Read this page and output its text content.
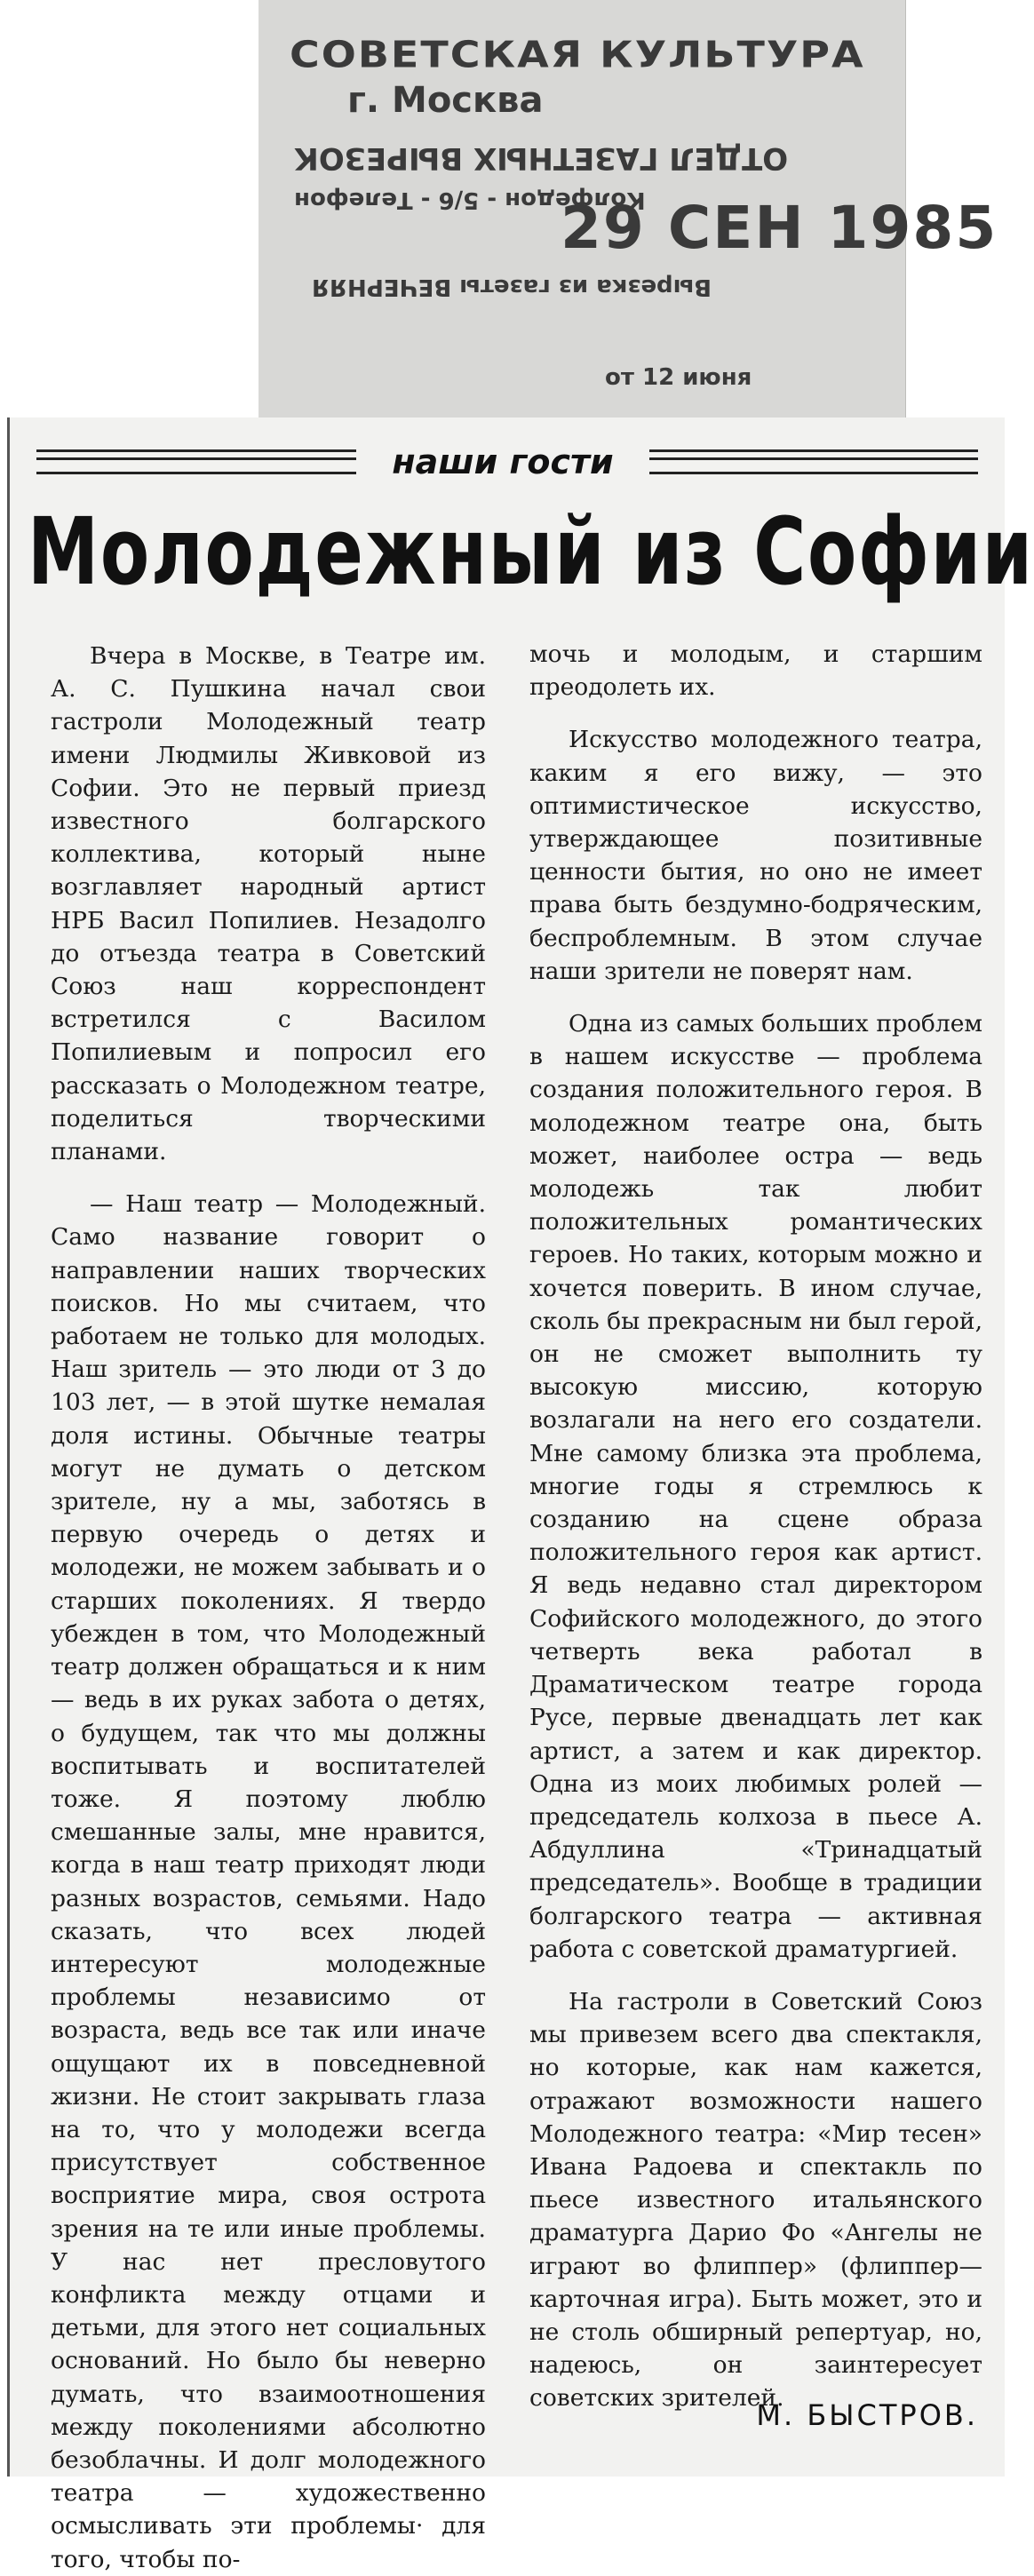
СОВЕТСКАЯ КУЛЬТУРА
г. Москва
ОТДЕЛ ГАЗЕТНЫХ ВЫРЕЗОК
Колфедон - 5/6 - Телефон
29 СЕН 1985
Вырезка из газеты ВЕЧЕРНЯЯ
от 12 июня
наши гости
Молодежный из Софии

Вчера в Москве, в Театре им. А. С. Пушкина начал свои гастроли Молодежный театр имени Людмилы Живковой из Софии. Это не первый приезд известного болгарского коллектива, который ныне возглавляет народный артист НРБ Васил Попилиев. Незадолго до отъезда театра в Советский Союз наш корреспондент встретился с Василом Попилиевым и попросил его рассказать о Молодежном театре, поделиться творческими планами.

— Наш театр — Молодежный. Само название говорит о направлении наших творческих поисков. Но мы считаем, что работаем не только для молодых. Наш зритель — это люди от 3 до 103 лет, — в этой шутке немалая доля истины. Обычные театры могут не думать о детском зрителе, ну а мы, заботясь в первую очередь о детях и молодежи, не можем забывать и о старших поколениях. Я твердо убежден в том, что Молодежный театр должен обращаться и к ним — ведь в их руках забота о детях, о будущем, так что мы должны воспитывать и воспитателей тоже. Я поэтому люблю смешанные залы, мне нравится, когда в наш театр приходят люди разных возрастов, семьями. Надо сказать, что всех людей интересуют молодежные проблемы независимо от возраста, ведь все так или иначе ощущают их в повседневной жизни. Не стоит закрывать глаза на то, что у молодежи всегда присутствует собственное восприятие мира, своя острота зрения на те или иные проблемы. У нас нет пресловутого конфликта между отцами и детьми, для этого нет социальных оснований. Но было бы неверно думать, что взаимоотношения между поколениями абсолютно безоблачны. И долг молодежного театра — художественно осмысливать эти проблемы· для того, чтобы по-

мочь и молодым, и старшим преодолеть их.

Искусство молодежного театра, каким я его вижу, — это оптимистическое искусство, утверждающее позитивные ценности бытия, но оно не имеет права быть бездумно-бодряческим, беспроблемным. В этом случае наши зрители не поверят нам.

Одна из самых больших проблем в нашем искусстве — проблема создания положительного героя. В молодежном театре она, быть может, наиболее остра — ведь молодежь так любит положительных романтических героев. Но таких, которым можно и хочется поверить. В ином случае, сколь бы прекрасным ни был герой, он не сможет выполнить ту высокую миссию, которую возлагали на него его создатели. Мне самому близка эта проблема, многие годы я стремлюсь к созданию на сцене образа положительного героя как артист. Я ведь недавно стал директором Софийского молодежного, до этого четверть века работал в Драматическом театре города Русе, первые двенадцать лет как артист, а затем и как директор. Одна из моих любимых ролей — председатель колхоза в пьесе А. Абдуллина «Тринадцатый председатель». Вообще в традиции болгарского театра — активная работа с советской драматургией.

На гастроли в Советский Союз мы привезем всего два спектакля, но которые, как нам кажется, отражают возможности нашего Молодежного театра: «Мир тесен» Ивана Радоева и спектакль по пьесе известного итальянского драматурга Дарио Фо «Ангелы не играют во флиппер» (флиппер—карточная игра). Быть может, это и не столь обширный репертуар, но, надеюсь, он заинтересует советских зрителей.

М. БЫСТРОВ.
